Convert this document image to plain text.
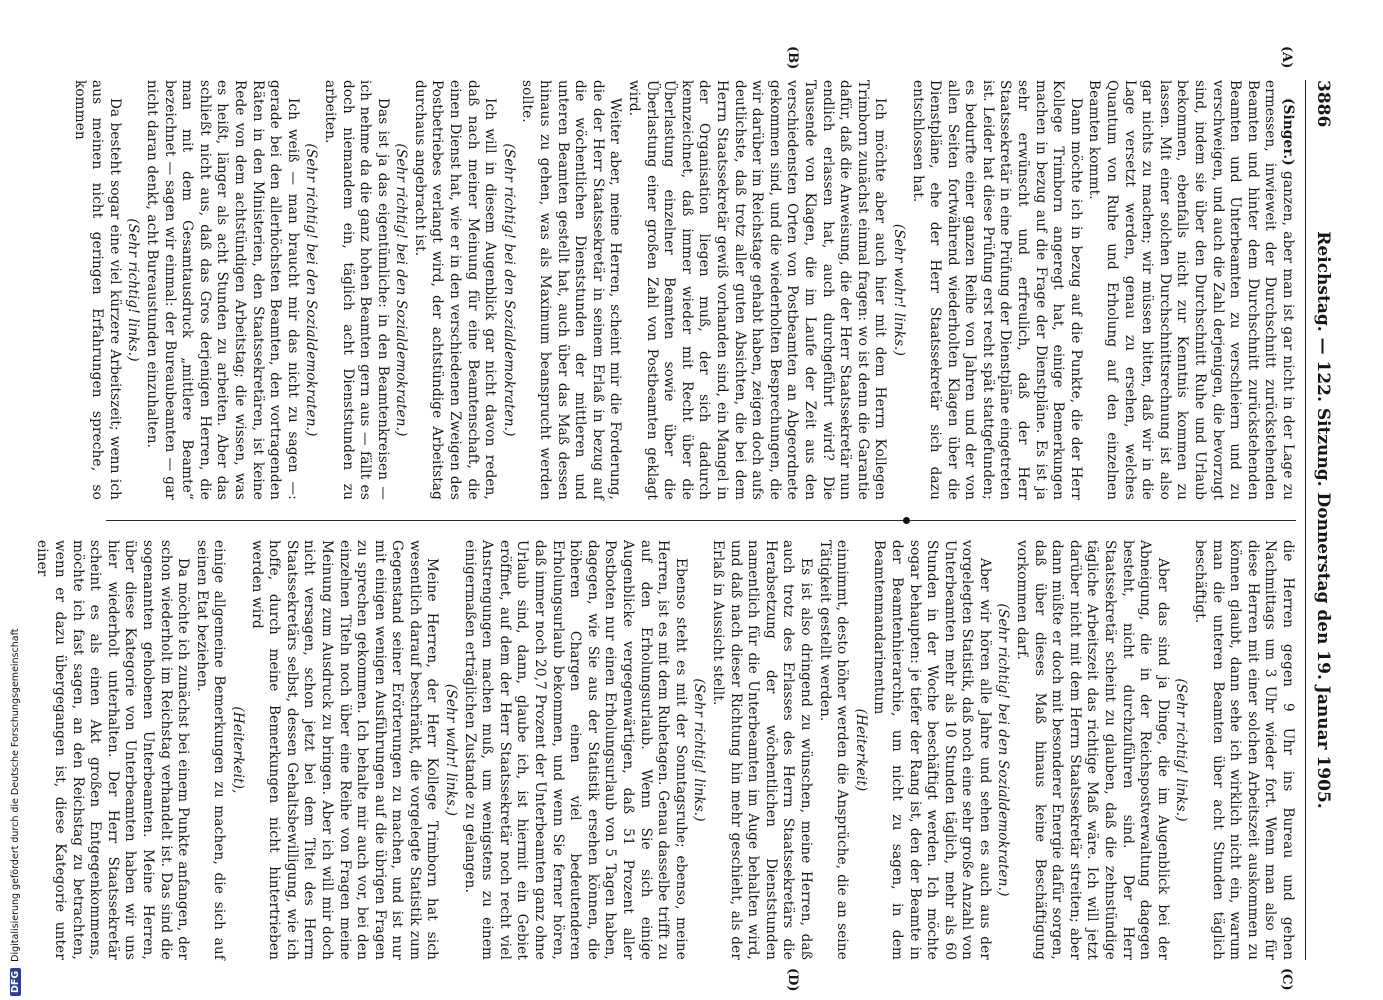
3886
Reichstag. — 122. Sitzung. Donnerstag den 19. Januar 1905.
(A)
(B)
(C)
(D)

(Singer.) ganzen, aber man ist gar nicht in der Lage zu ermessen, inwieweit der Durchschnitt zurückstehenden Beamten und hinter dem Durchschnitt zurückstehenden Beamten und Unterbeamten zu verschleiern und zu verschweigen, und auch die Zahl derjenigen, die bevorzugt sind, indem sie über den Durchschnitt Ruhe und Urlaub bekommen, ebenfalls nicht zur Kenntnis kommen zu lassen. Mit einer solchen Durchschnittsrechnung ist also gar nichts zu machen; wir müssen bitten, daß wir in die Lage versetzt werden, genau zu ersehen, welches Quantum von Ruhe und Erholung auf den einzelnen Beamten kommt.

Dann möchte ich in bezug auf die Punkte, die der Herr Kollege Trimborn angeregt hat, einige Bemerkungen machen in bezug auf die Frage der Dienstpläne. Es ist ja sehr erwünscht und erfreulich, daß der Herr Staatssekretär in eine Prüfung der Dienstpläne eingetreten ist. Leider hat diese Prüfung erst recht spät stattgefunden; es bedurfte einer ganzen Reihe von Jahren und der von allen Seiten fortwährend wiederholten Klagen über die Dienstpläne, ehe der Herr Staatssekretär sich dazu entschlossen hat.

(Sehr wahr! links.)

Ich möchte aber auch hier mit dem Herrn Kollegen Trimborn zunächst einmal fragen: wo ist denn die Garantie dafür, daß die Anweisung, die der Herr Staatssekretär nun endlich erlassen hat, auch durchgeführt wird? Die Tausende von Klagen, die im Laufe der Zeit aus den verschiedensten Orten von Postbeamten an Abgeordnete gekommen sind, und die wiederholten Besprechungen, die wir darüber im Reichstage gehabt haben, zeigen doch aufs deutlichste, daß trotz aller guten Absichten, die bei dem Herrn Staatssekretär gewiß vorhanden sind, ein Mangel in der Organisation liegen muß, der sich dadurch kennzeichnet, daß immer wieder mit Recht über die Überlastung einzelner Beamten sowie über die Überlastung einer großen Zahl von Postbeamten geklagt wird.

Weiter aber, meine Herren, scheint mir die Forderung, die der Herr Staatssekretär in seinem Erlaß in bezug auf die wöchentlichen Dienststunden der mittleren und unteren Beamten gestellt hat, auch über das Maß dessen hinaus zu gehen, was als Maximum beansprucht werden sollte.

(Sehr richtig! bei den Sozialdemokraten.)

Ich will in diesem Augenblick gar nicht davon reden, daß nach meiner Meinung für eine Beamtenschaft, die einen Dienst hat, wie er in den verschiedenen Zweigen des Postbetriebes verlangt wird, der achtstündige Arbeitstag durchaus angebracht ist.

(Sehr richtig! bei den Sozialdemokraten.)

Das ist ja das eigentümliche: in den Beamtenkreisen — ich nehme da die ganz hohen Beamten gern aus — fällt es doch niemandem ein, täglich acht Dienststunden zu arbeiten.

(Sehr richtig! bei den Sozialdemokraten.)

Ich weiß — man braucht mir das nicht zu sagen —: gerade bei den allerhöchsten Beamten, den vortragenden Räten in den Ministerien, den Staatssekretären, ist keine Rede von dem achtstündigen Arbeitstag; die wissen, was es heißt, länger als acht Stunden zu arbeiten. Aber das schließt nicht aus, daß das Gros derjenigen Herren, die man mit dem Gesamtausdruck „mittlere Beamte“ bezeichnet — sagen wir einmal: der Bureaubeamten — gar nicht daran denkt, acht Bureaustunden einzuhalten.

(Sehr richtig! links.)

Da besteht sogar eine viel kürzere Arbeitszeit; wenn ich aus meinen nicht geringen Erfahrungen spreche, so kommen

die Herren gegen 9 Uhr ins Bureau und gehen Nachmittags um 3 Uhr wieder fort. Wenn man also für diese Herren mit einer solchen Arbeitszeit auskommen zu können glaubt, dann sehe ich wirklich nicht ein, warum man die unteren Beamten über acht Stunden täglich beschäftigt.

(Sehr richtig! links.)

Aber das sind ja Dinge, die im Augenblick bei der Abneigung, die in der Reichspostverwaltung dagegen besteht, nicht durchzuführen sind. Der Herr Staatssekretär scheint zu glauben, daß die zehnstündige tägliche Arbeitszeit das richtige Maß wäre. Ich will jetzt darüber nicht mit dem Herrn Staatssekretär streiten; aber dann müßte er doch mit besonderer Energie dafür sorgen, daß über dieses Maß hinaus keine Beschäftigung vorkommen darf.

(Sehr richtig! bei den Sozialdemokraten.)

Aber wir hören alle Jahre und sehen es auch aus der vorgelegten Statistik, daß noch eine sehr große Anzahl von Unterbeamten mehr als 10 Stunden täglich, mehr als 60 Stunden in der Woche beschäftigt werden. Ich möchte sogar behaupten: je tiefer der Rang ist, den der Beamte in der Beamtenhierarchie, um nicht zu sagen, in dem Beamtenmandarinentum

(Heiterkeit)

einnimmt, desto höher werden die Ansprüche, die an seine Tätigkeit gestellt werden.

Es ist also dringend zu wünschen, meine Herren, daß auch trotz des Erlasses des Herrn Staatssekretärs die Herabsetzung der wöchentlichen Dienststunden namentlich für die Unterbeamten im Auge behalten wird, und daß nach dieser Richtung hin mehr geschieht, als der Erlaß in Aussicht stellt.

(Sehr richtig! links.)

Ebenso steht es mit der Sonntagsruhe; ebenso, meine Herren, ist es mit dem Ruhetagen. Genau dasselbe trifft zu auf den Erholungsurlaub. Wenn Sie sich einige Augenblicke vergegenwärtigen, daß 51 Prozent aller Postboten nur einen Erholungsurlaub von 5 Tagen haben, dagegen, wie Sie aus der Statistik ersehen können, die höheren Chargen einen viel bedeutenderen Erholungsurlaub bekommen, und wenn Sie ferner hören, daß immer noch 20,7 Prozent der Unterbeamten ganz ohne Urlaub sind, dann, glaube ich, ist hiermit ein Gebiet eröffnet, auf dem der Herr Staatssekretär noch recht viel Anstrengungen machen muß, um wenigstens zu einem einigermaßen erträglichen Zustande zu gelangen.

(Sehr wahr! links.)

Meine Herren, der Herr Kollege Trimborn hat sich wesentlich darauf beschränkt, die vorgelegte Statistik zum Gegenstand seiner Erörterungen zu machen, und ist nur mit einigen wenigen Ausführungen auf die übrigen Fragen zu sprechen gekommen. Ich behalte mir auch vor, bei den einzelnen Titeln noch über eine Reihe von Fragen meine Meinung zum Ausdruck zu bringen. Aber ich will mir doch nicht versagen, schon jetzt bei dem Titel des Herrn Staatssekretärs selbst, dessen Gehaltsbewilligung, wie ich hoffe, durch meine Bemerkungen nicht hintertrieben werden wird

(Heiterkeit),

einige allgemeine Bemerkungen zu machen, die sich auf seinen Etat beziehen.

Da möchte ich zunächst bei einem Punkte anfangen, der schon wiederholt im Reichstag verhandelt ist. Das sind die sogenannten gehobenen Unterbeamten. Meine Herren, über diese Kategorie von Unterbeamten haben wir uns hier wiederholt unterhalten. Der Herr Staatssekretär scheint es als einen Akt großen Entgegenkommens, möchte ich fast sagen, an den Reichstag zu betrachten, wenn er dazu übergegangen ist, diese Kategorie unter einer

DFGDigitalisierung gefördert durch die Deutsche Forschungsgemeinschaft
